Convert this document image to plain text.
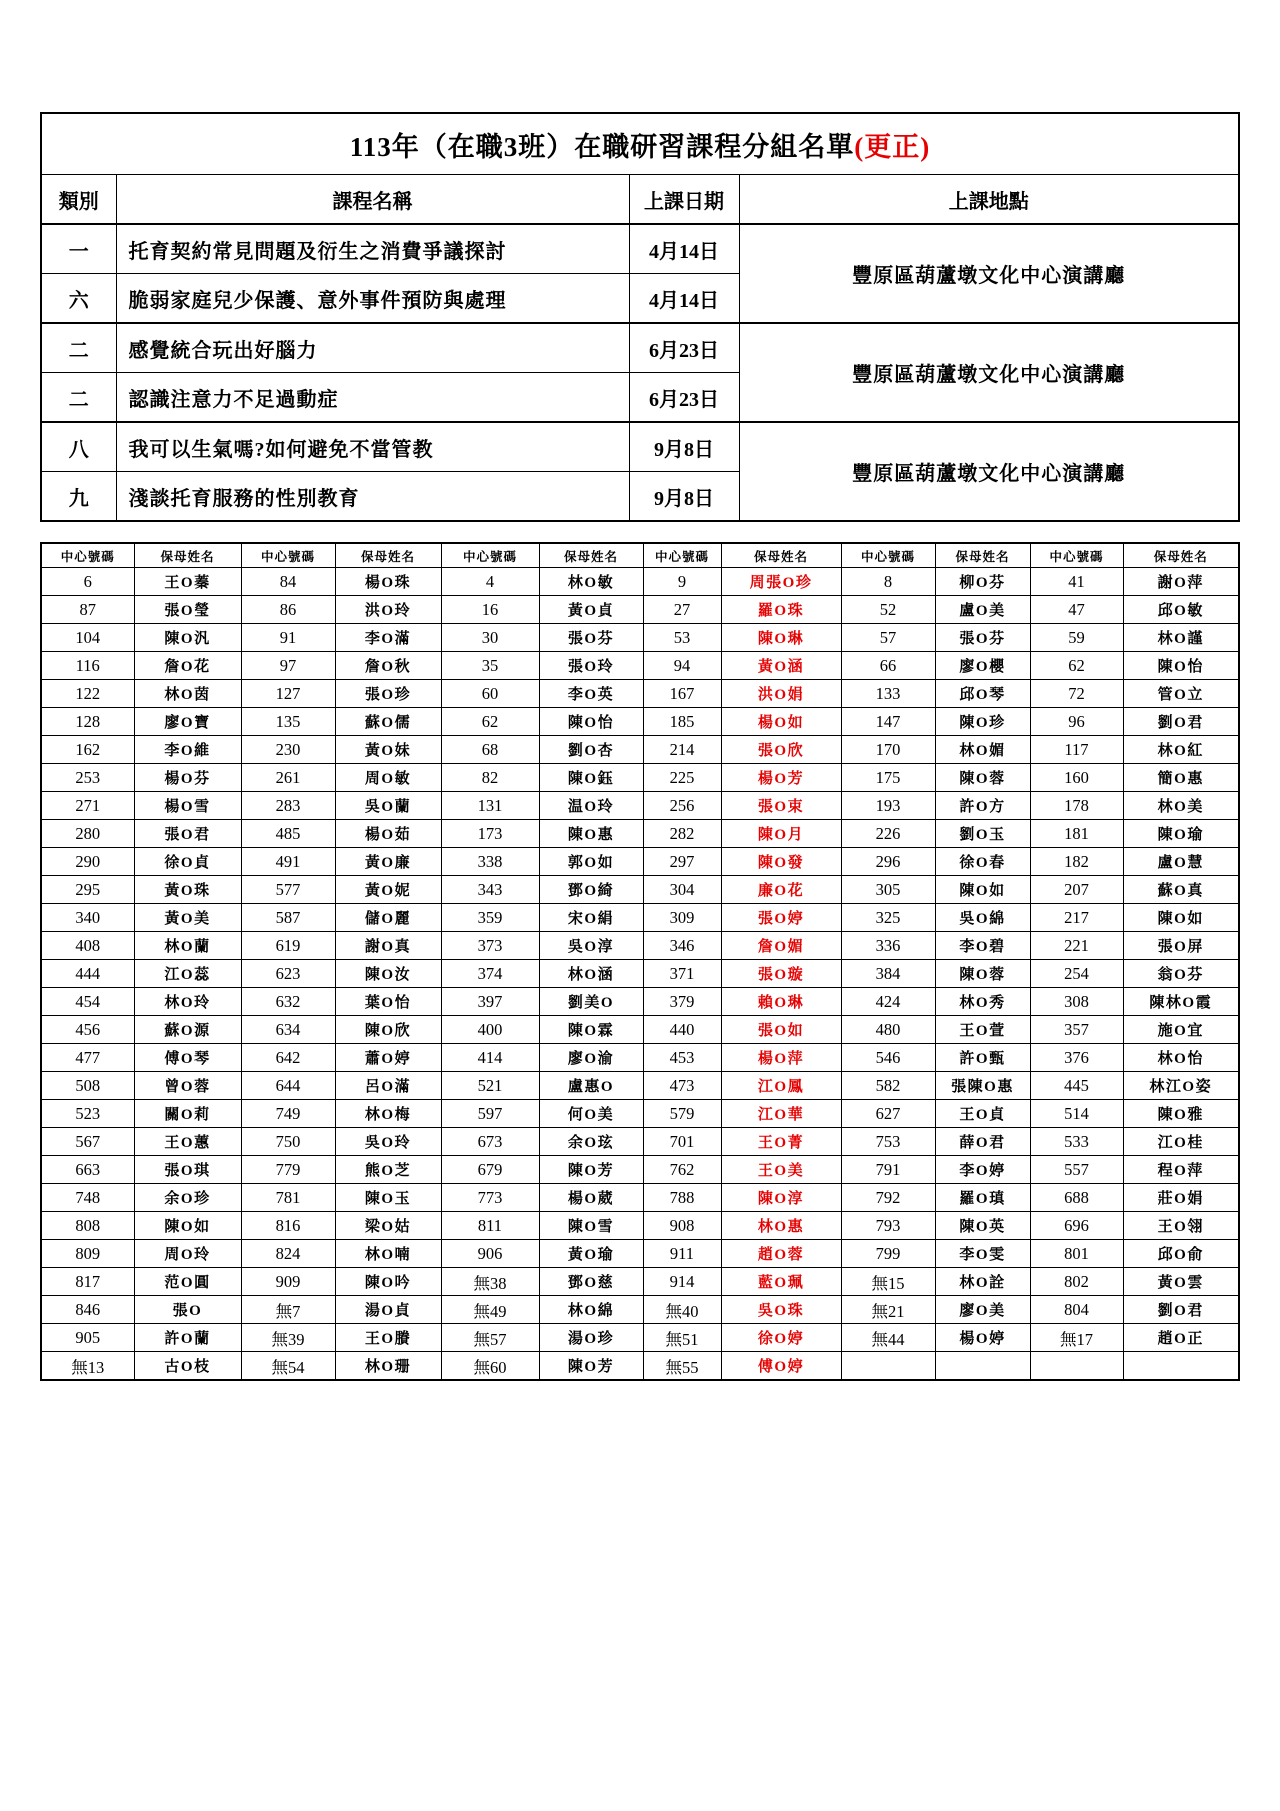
113年（在職3班）在職研習課程分組名單(更正)			
類別	課程名稱	上課日期	上課地點
一	托育契約常見問題及衍生之消費爭議探討	4月14日	豐原區葫蘆墩文化中心演講廳
六	脆弱家庭兒少保護、意外事件預防與處理	4月14日	
二	感覺統合玩出好腦力	6月23日	豐原區葫蘆墩文化中心演講廳
二	認識注意力不足過動症	6月23日	
八	我可以生氣嗎?如何避免不當管教	9月8日	豐原區葫蘆墩文化中心演講廳
九	淺談托育服務的性別教育	9月8日	
中心號碼	保母姓名	中心號碼	保母姓名	中心號碼	保母姓名	中心號碼	保母姓名	中心號碼	保母姓名	中心號碼	保母姓名
6	王O蓁	84	楊O珠	4	林O敏	9	周張O珍	8	柳O芬	41	謝O萍
87	張O瑩	86	洪O玲	16	黃O貞	27	羅O珠	52	盧O美	47	邱O敏
104	陳O汎	91	李O滿	30	張O芬	53	陳O琳	57	張O芬	59	林O謹
116	詹O花	97	詹O秋	35	張O玲	94	黃O涵	66	廖O櫻	62	陳O怡
122	林O茵	127	張O珍	60	李O英	167	洪O娟	133	邱O琴	72	管O立
128	廖O寶	135	蘇O儒	62	陳O怡	185	楊O如	147	陳O珍	96	劉O君
162	李O維	230	黃O妹	68	劉O杏	214	張O欣	170	林O媚	117	林O紅
253	楊O芬	261	周O敏	82	陳O鈺	225	楊O芳	175	陳O蓉	160	簡O惠
271	楊O雪	283	吳O蘭	131	温O玲	256	張O束	193	許O方	178	林O美
280	張O君	485	楊O茹	173	陳O惠	282	陳O月	226	劉O玉	181	陳O瑜
290	徐O貞	491	黃O廉	338	郭O如	297	陳O發	296	徐O春	182	盧O慧
295	黃O珠	577	黃O妮	343	鄧O綺	304	廉O花	305	陳O如	207	蘇O真
340	黃O美	587	儲O麗	359	宋O絹	309	張O婷	325	吳O綿	217	陳O如
408	林O蘭	619	謝O真	373	吳O淳	346	詹O媚	336	李O碧	221	張O屏
444	江O蕊	623	陳O汝	374	林O涵	371	張O璇	384	陳O蓉	254	翁O芬
454	林O玲	632	葉O怡	397	劉美O	379	賴O琳	424	林O秀	308	陳林O霞
456	蘇O源	634	陳O欣	400	陳O霖	440	張O如	480	王O萱	357	施O宜
477	傅O琴	642	蕭O婷	414	廖O渝	453	楊O萍	546	許O甄	376	林O怡
508	曾O蓉	644	呂O滿	521	盧惠O	473	江O鳳	582	張陳O惠	445	林江O姿
523	關O莉	749	林O梅	597	何O美	579	江O華	627	王O貞	514	陳O雅
567	王O蕙	750	吳O玲	673	余O玹	701	王O菁	753	薛O君	533	江O桂
663	張O琪	779	熊O芝	679	陳O芳	762	王O美	791	李O婷	557	程O萍
748	余O珍	781	陳O玉	773	楊O葳	788	陳O淳	792	羅O瑱	688	莊O娟
808	陳O如	816	梁O姑	811	陳O雪	908	林O惠	793	陳O英	696	王O翎
809	周O玲	824	林O喃	906	黃O瑜	911	趙O蓉	799	李O雯	801	邱O俞
817	范O圓	909	陳O吟	無38	鄧O慈	914	藍O珮	無15	林O詮	802	黃O雲
846	張O	無7	湯O貞	無49	林O綿	無40	吳O珠	無21	廖O美	804	劉O君
905	許O蘭	無39	王O賸	無57	湯O珍	無51	徐O婷	無44	楊O婷	無17	趙O正
無13	古O枝	無54	林O珊	無60	陳O芳	無55	傅O婷				
